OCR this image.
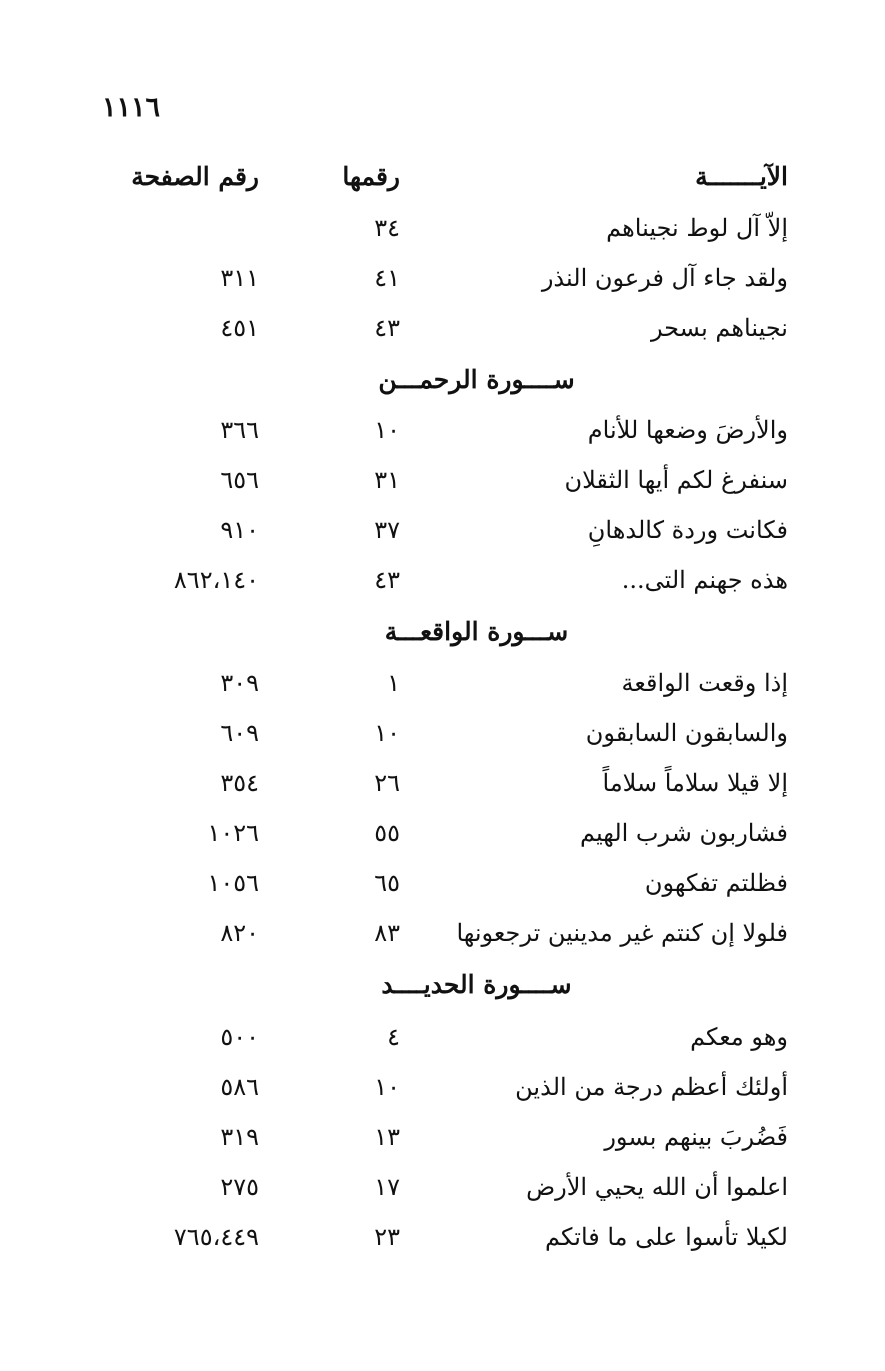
١١١٦
الآيـــــــة
رقمها
رقم الصفحة
إلاّ آل لوط نجيناهم
٣٤
ولقد جاء آل فرعون النذر
٤١
٣١١
نجيناهم بسحر
٤٣
٤٥١
ســــورة الرحمـــن
والأرضَ وضعها للأنام
١٠
٣٦٦
سنفرغ لكم أيها الثقلان
٣١
٦٥٦
فكانت وردة كالدهانِ
٣٧
٩١٠
هذه جهنم التى...
٤٣
٨٦٢،١٤٠
ســـورة الواقعـــة
إذا وقعت الواقعة
١
٣٠٩
والسابقون السابقون
١٠
٦٠٩
إلا قيلا سلاماً سلاماً
٢٦
٣٥٤
فشاربون شرب الهيم
٥٥
١٠٢٦
فظلتم تفكهون
٦٥
١٠٥٦
فلولا إن كنتم غير مدينين ترجعونها
٨٣
٨٢٠
ســــورة الحديــــد
وهو معكم
٤
٥٠٠
أولئك أعظم درجة من الذين
١٠
٥٨٦
فَضُربَ بينهم بسور
١٣
٣١٩
اعلموا أن الله يحيي الأرض
١٧
٢٧٥
لكيلا تأسوا على ما فاتكم
٢٣
٧٦٥،٤٤٩
